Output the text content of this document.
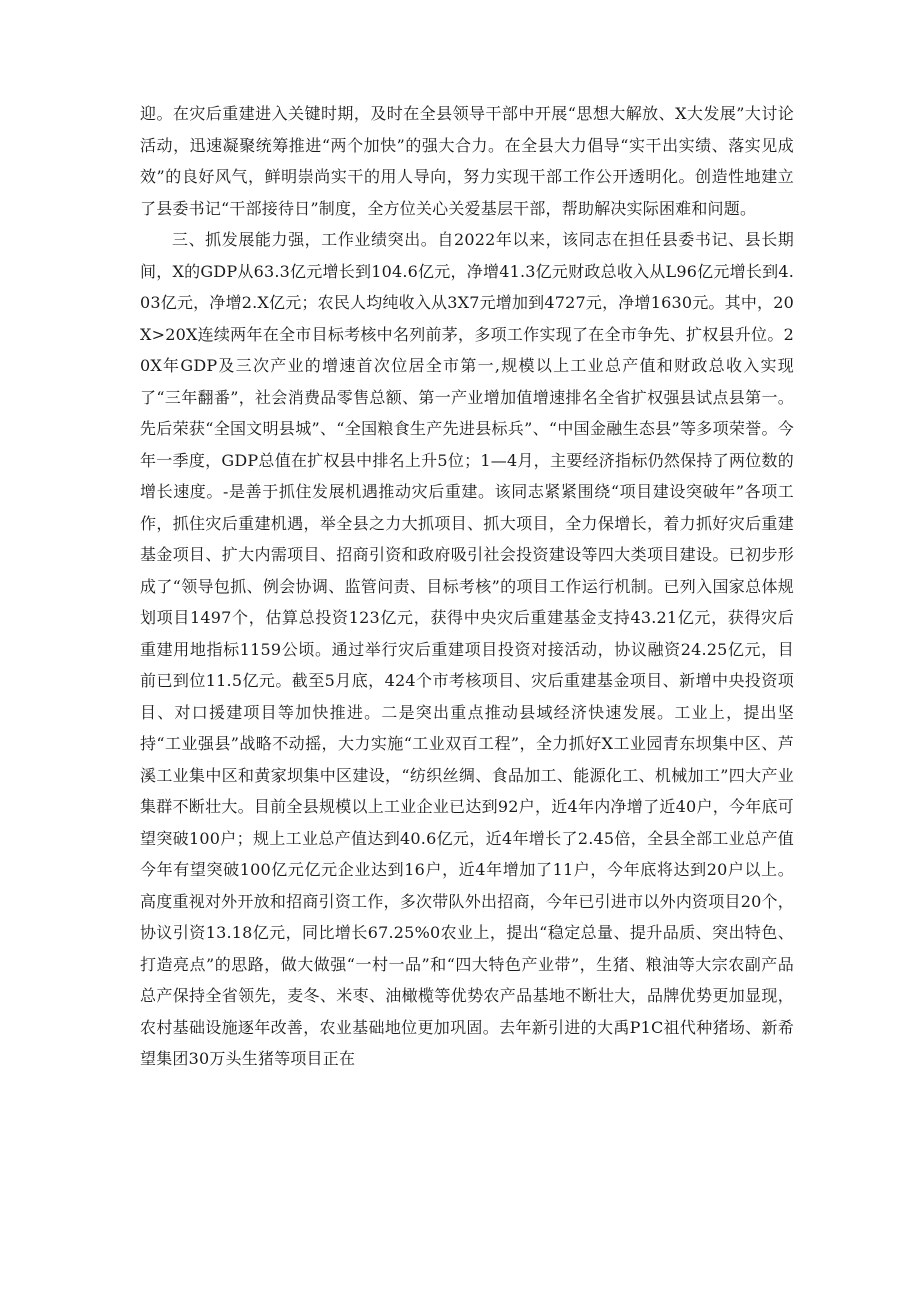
迎。在灾后重建进入关键时期，及时在全县领导干部中开展“思想大解放、X大发展”大讨论活动，迅速凝聚统筹推进“两个加快”的强大合力。在全县大力倡导“实干出实绩、落实见成效”的良好风气，鲜明崇尚实干的用人导向，努力实现干部工作公开透明化。创造性地建立了县委书记“干部接待日”制度，全方位关心关爱基层干部，帮助解决实际困难和问题。

三、抓发展能力强，工作业绩突出。自2022年以来，该同志在担任县委书记、县长期间，X的GDP从63.3亿元增长到104.6亿元，净增41.3亿元财政总收入从L96亿元增长到4.03亿元，净增2.X亿元；农民人均纯收入从3X7元增加到4727元，净增1630元。其中，20X>20X连续两年在全市目标考核中名列前茅，多项工作实现了在全市争先、扩权县升位。20X年GDP及三次产业的增速首次位居全市第一,规模以上工业总产值和财政总收入实现了“三年翻番”，社会消费品零售总额、第一产业增加值增速排名全省扩权强县试点县第一。先后荣获“全国文明县城”、“全国粮食生产先进县标兵”、“中国金融生态县”等多项荣誉。今年一季度，GDP总值在扩权县中排名上升5位；1—4月，主要经济指标仍然保持了两位数的增长速度。-是善于抓住发展机遇推动灾后重建。该同志紧紧围绕“项目建设突破年”各项工作，抓住灾后重建机遇，举全县之力大抓项目、抓大项目，全力保增长，着力抓好灾后重建基金项目、扩大内需项目、招商引资和政府吸引社会投资建设等四大类项目建设。已初步形成了“领导包抓、例会协调、监管问责、目标考核”的项目工作运行机制。已列入国家总体规划项目1497个，估算总投资123亿元，获得中央灾后重建基金支持43.21亿元，获得灾后重建用地指标1159公顷。通过举行灾后重建项目投资对接活动，协议融资24.25亿元，目前已到位11.5亿元。截至5月底，424个市考核项目、灾后重建基金项目、新增中央投资项目、对口援建项目等加快推进。二是突出重点推动县域经济快速发展。工业上，提出坚持“工业强县”战略不动摇，大力实施“工业双百工程”，全力抓好X工业园青东坝集中区、芦溪工业集中区和黄家坝集中区建设，“纺织丝绸、食品加工、能源化工、机械加工”四大产业集群不断壮大。目前全县规模以上工业企业已达到92户，近4年内净增了近40户，今年底可望突破100户；规上工业总产值达到40.6亿元，近4年增长了2.45倍，全县全部工业总产值今年有望突破100亿元亿元企业达到16户，近4年增加了11户，今年底将达到20户以上。高度重视对外开放和招商引资工作，多次带队外出招商，今年已引进市以外内资项目20个，协议引资13.18亿元，同比增长67.25%0农业上，提出“稳定总量、提升品质、突出特色、打造亮点”的思路，做大做强“一村一品”和“四大特色产业带”，生猪、粮油等大宗农副产品总产保持全省领先，麦冬、米枣、油橄榄等优势农产品基地不断壮大，品牌优势更加显现，农村基础设施逐年改善，农业基础地位更加巩固。去年新引进的大禹P1C祖代种猪场、新希望集团30万头生猪等项目正在
